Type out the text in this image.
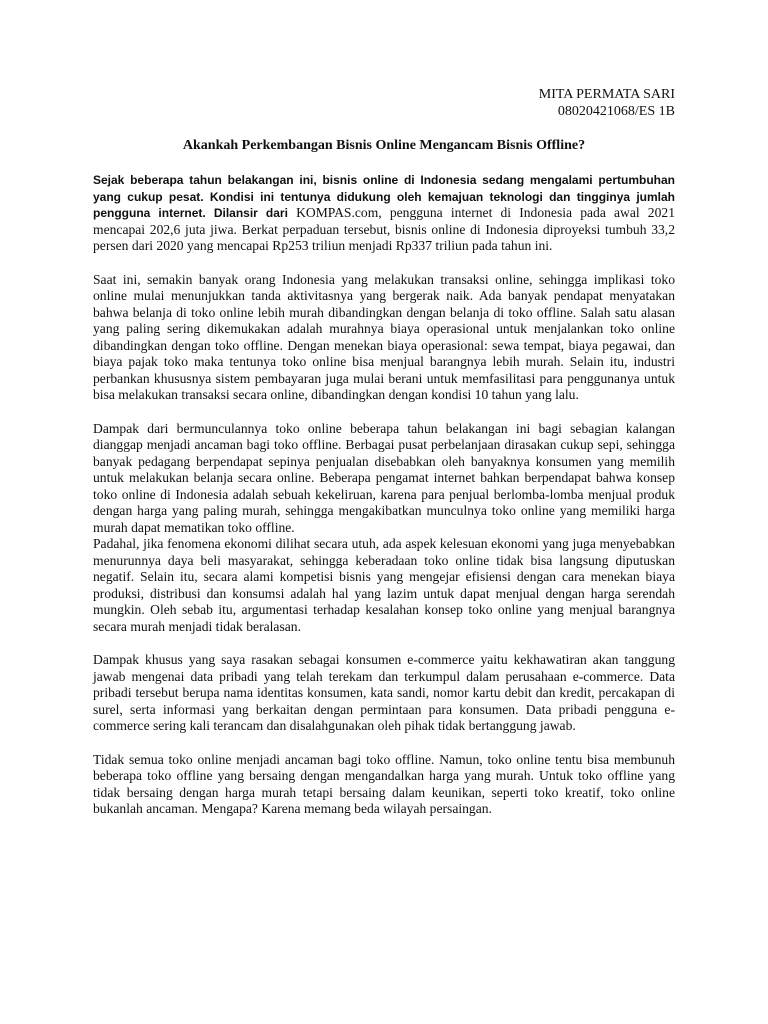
MITA PERMATA SARI
08020421068/ES 1B
Akankah Perkembangan Bisnis Online Mengancam Bisnis Offline?

Sejak beberapa tahun belakangan ini, bisnis online di Indonesia sedang mengalami pertumbuhan yang cukup pesat. Kondisi ini tentunya didukung oleh kemajuan teknologi dan tingginya jumlah pengguna internet. Dilansir dari KOMPAS.com, pengguna internet di Indonesia pada awal 2021 mencapai 202,6 juta jiwa. Berkat perpaduan tersebut, bisnis online di Indonesia diproyeksi tumbuh 33,2 persen dari 2020 yang mencapai Rp253 triliun menjadi Rp337 triliun pada tahun ini.

Saat ini, semakin banyak orang Indonesia yang melakukan transaksi online, sehingga implikasi toko online mulai menunjukkan tanda aktivitasnya yang bergerak naik. Ada banyak pendapat menyatakan bahwa belanja di toko online lebih murah dibandingkan dengan belanja di toko offline. Salah satu alasan yang paling sering dikemukakan adalah murahnya biaya operasional untuk menjalankan toko online dibandingkan dengan toko offline. Dengan menekan biaya operasional: sewa tempat, biaya pegawai, dan biaya pajak toko maka tentunya toko online bisa menjual barangnya lebih murah. Selain itu, industri perbankan khususnya sistem pembayaran juga mulai berani untuk memfasilitasi para penggunanya untuk bisa melakukan transaksi secara online, dibandingkan dengan kondisi 10 tahun yang lalu.

Dampak dari bermunculannya toko online beberapa tahun belakangan ini bagi sebagian kalangan dianggap menjadi ancaman bagi toko offline. Berbagai pusat perbelanjaan dirasakan cukup sepi, sehingga banyak pedagang berpendapat sepinya penjualan disebabkan oleh banyaknya konsumen yang memilih untuk melakukan belanja secara online. Beberapa pengamat internet bahkan berpendapat bahwa konsep toko online di Indonesia adalah sebuah kekeliruan, karena para penjual berlomba-lomba menjual produk dengan harga yang paling murah, sehingga mengakibatkan munculnya toko online yang memiliki harga murah dapat mematikan toko offline.

Padahal, jika fenomena ekonomi dilihat secara utuh, ada aspek kelesuan ekonomi yang juga menyebabkan menurunnya daya beli masyarakat, sehingga keberadaan toko online tidak bisa langsung diputuskan negatif. Selain itu, secara alami kompetisi bisnis yang mengejar efisiensi dengan cara menekan biaya produksi, distribusi dan konsumsi adalah hal yang lazim untuk dapat menjual dengan harga serendah mungkin. Oleh sebab itu, argumentasi terhadap kesalahan konsep toko online yang menjual barangnya secara murah menjadi tidak beralasan.

Dampak khusus yang saya rasakan sebagai konsumen e-commerce yaitu kekhawatiran akan tanggung jawab mengenai data pribadi yang telah terekam dan terkumpul dalam perusahaan e-commerce. Data pribadi tersebut berupa nama identitas konsumen, kata sandi, nomor kartu debit dan kredit, percakapan di surel, serta informasi yang berkaitan dengan permintaan para konsumen. Data pribadi pengguna e-commerce sering kali terancam dan disalahgunakan oleh pihak tidak bertanggung jawab.

Tidak semua toko online menjadi ancaman bagi toko offline. Namun, toko online tentu bisa membunuh beberapa toko offline yang bersaing dengan mengandalkan harga yang murah. Untuk toko offline yang tidak bersaing dengan harga murah tetapi bersaing dalam keunikan, seperti toko kreatif, toko online bukanlah ancaman. Mengapa? Karena memang beda wilayah persaingan.
